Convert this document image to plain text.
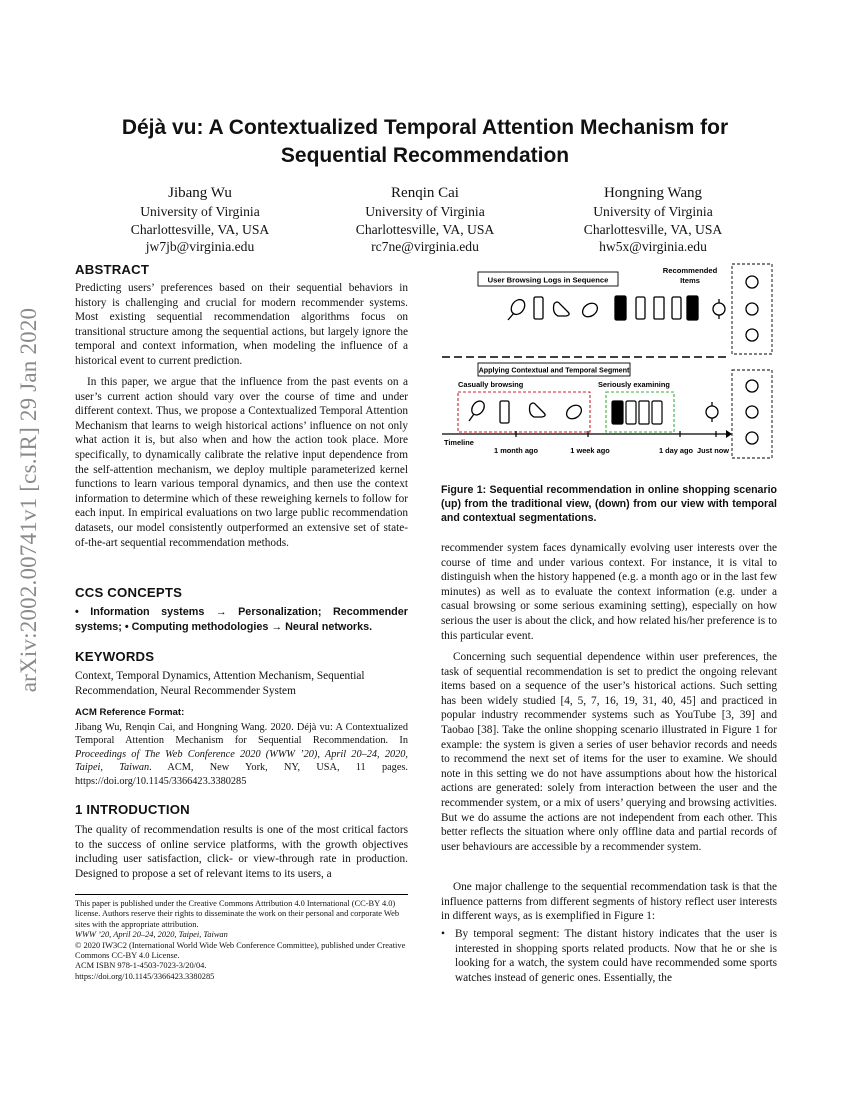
arXiv:2002.00741v1 [cs.IR] 29 Jan 2020
Déjà vu: A Contextualized Temporal Attention Mechanism for
Sequential Recommendation
Jibang Wu
University of Virginia
Charlottesville, VA, USA
jw7jb@virginia.edu
Renqin Cai
University of Virginia
Charlottesville, VA, USA
rc7ne@virginia.edu
Hongning Wang
University of Virginia
Charlottesville, VA, USA
hw5x@virginia.edu
ABSTRACT
Predicting users’ preferences based on their sequential behaviors in history is challenging and crucial for modern recommender systems. Most existing sequential recommendation algorithms focus on transitional structure among the sequential actions, but largely ignore the temporal and context information, when modeling the influence of a historical event to current prediction.
In this paper, we argue that the influence from the past events on a user’s current action should vary over the course of time and under different context. Thus, we propose a Contextualized Temporal Attention Mechanism that learns to weigh historical actions’ influence on not only what action it is, but also when and how the action took place. More specifically, to dynamically calibrate the relative input dependence from the self-attention mechanism, we deploy multiple parameterized kernel functions to learn various temporal dynamics, and then use the context information to determine which of these reweighing kernels to follow for each input. In empirical evaluations on two large public recommendation datasets, our model consistently outperformed an extensive set of state-of-the-art sequential recommendation methods.
CCS CONCEPTS
• Information systems → Personalization; Recommender systems; • Computing methodologies → Neural networks.
KEYWORDS
Context, Temporal Dynamics, Attention Mechanism, Sequential Recommendation, Neural Recommender System
ACM Reference Format:
Jibang Wu, Renqin Cai, and Hongning Wang. 2020. Déjà vu: A Contextualized Temporal Attention Mechanism for Sequential Recommendation. In Proceedings of The Web Conference 2020 (WWW ’20), April 20–24, 2020, Taipei, Taiwan. ACM, New York, NY, USA, 11 pages. https://doi.org/10.1145/3366423.3380285
1 INTRODUCTION
The quality of recommendation results is one of the most critical factors to the success of online service platforms, with the growth objectives including user satisfaction, click- or view-through rate in production. Designed to propose a set of relevant items to its users, a
This paper is published under the Creative Commons Attribution 4.0 International (CC-BY 4.0) license. Authors reserve their rights to disseminate the work on their personal and corporate Web sites with the appropriate attribution.
WWW ’20, April 20–24, 2020, Taipei, Taiwan
© 2020 IW3C2 (International World Wide Web Conference Committee), published under Creative Commons CC-BY 4.0 License.
ACM ISBN 978-1-4503-7023-3/20/04.
https://doi.org/10.1145/3366423.3380285
User Browsing Logs in Sequence
Recommended
Items
Applying Contextual and Temporal Segment
Casually browsing	Seriously examining
Timeline
1 month ago	1 week ago	1 day ago Just now
Figure 1: Sequential recommendation in online shopping scenario (up) from the traditional view, (down) from our view with temporal and contextual segmentations.
recommender system faces dynamically evolving user interests over the course of time and under various context. For instance, it is vital to distinguish when the history happened (e.g. a month ago or in the last few minutes) as well as to evaluate the context information (e.g. under a casual browsing or some serious examining setting), especially on how serious the user is about the click, and how related his/her preference is to this particular event.
Concerning such sequential dependence within user preferences, the task of sequential recommendation is set to predict the ongoing relevant items based on a sequence of the user’s historical actions. Such setting has been widely studied [4, 5, 7, 16, 19, 31, 40, 45] and practiced in popular industry recommender systems such as YouTube [3, 39] and Taobao [38]. Take the online shopping scenario illustrated in Figure 1 for example: the system is given a series of user behavior records and needs to recommend the next set of items for the user to examine. We should note in this setting we do not have assumptions about how the historical actions are generated: solely from interaction between the user and the recommender system, or a mix of users’ querying and browsing activities. But we do assume the actions are not independent from each other. This better reflects the situation where only offline data and partial records of user behaviours are accessible by a recommender system.
One major challenge to the sequential recommendation task is that the influence patterns from different segments of history reflect user interests in different ways, as is exemplified in Figure 1:
• By temporal segment: The distant history indicates that the user is interested in shopping sports related products. Now that he or she is looking for a watch, the system could have recommended some sports watches instead of generic ones. Essentially, the
